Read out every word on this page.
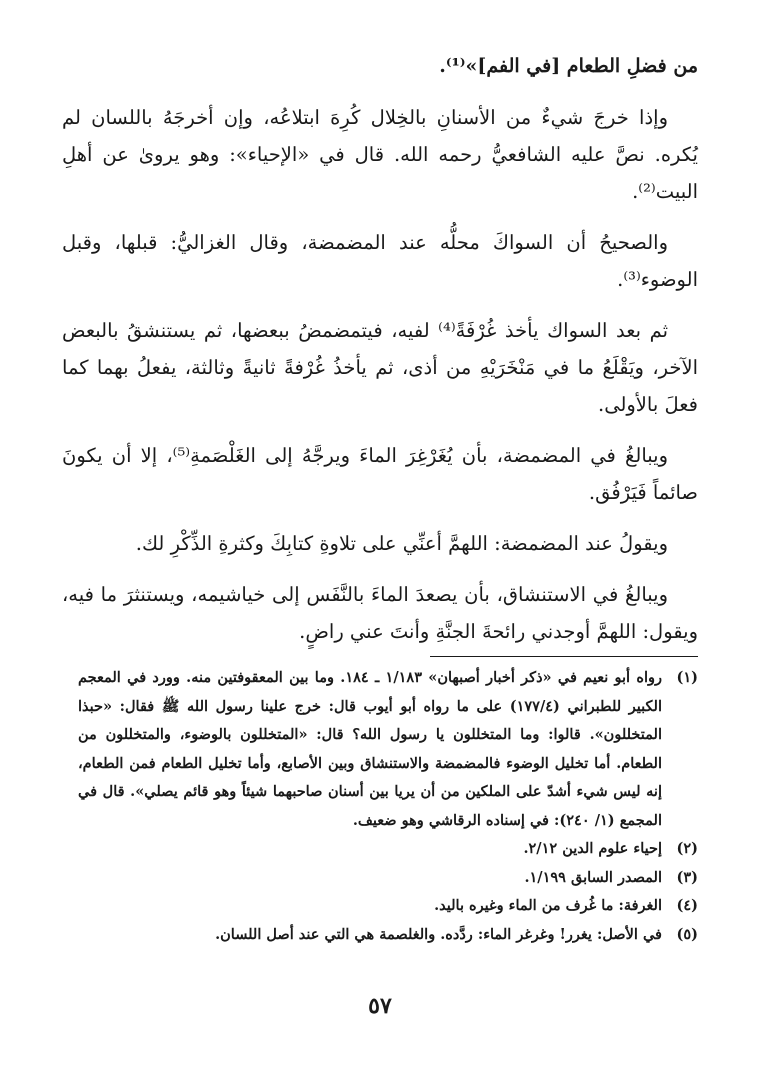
من فضلِ الطعام [في الفم]»⁽¹⁾.

وإذا خرجَ شيءٌ من الأسنانِ بالخِلال كُرِهَ ابتلاعُه، وإن أخرجَهُ باللسان لم يُكره. نصَّ عليه الشافعيُّ رحمه الله. قال في «الإحياء»: وهو يروىٰ عن أهلِ البيت⁽²⁾.

والصحيحُ أن السواكَ محلُّه عند المضمضة، وقال الغزاليُّ: قبلها، وقبل الوضوء⁽³⁾.

ثم بعد السواك يأخذ غُرْفَةً⁽⁴⁾ لفيه، فيتمضمضُ ببعضها، ثم يستنشقُ بالبعض الآخر، ويَقْلَعُ ما في مَنْخَرَيْهِ من أذى، ثم يأخذُ غُرْفةً ثانيةً وثالثة، يفعلُ بهما كما فعلَ بالأولى.

ويبالغُ في المضمضة، بأن يُغَرْغِرَ الماءَ ويرجَّهُ إلى الغَلْصَمةِ⁽⁵⁾، إلا أن يكونَ صائماً فَيَرْفُق.

ويقولُ عند المضمضة: اللهمَّ أعنِّي على تلاوةِ كتابِكَ وكثرةِ الذِّكْرِ لك.

ويبالغُ في الاستنشاق، بأن يصعدَ الماءَ بالنَّفَس إلى خياشيمه، ويستنثرَ ما فيه، ويقول: اللهمَّ أوجدني رائحةَ الجنَّةِ وأنتَ عني راضٍ.

(١)
رواه أبو نعيم في «ذكر أخبار أصبهان» ١/١٨٣ ـ ١٨٤. وما بين المعقوفتين منه. وورد في المعجم الكبير للطبراني (١٧٧/٤) على ما رواه أبو أيوب قال: خرج علينا رسول الله ﷺ فقال: «حبذا المتخللون». قالوا: وما المتخللون يا رسول الله؟ قال: «المتخللون بالوضوء، والمتخللون من الطعام. أما تخليل الوضوء فالمضمضة والاستنشاق وبين الأصابع، وأما تخليل الطعام فمن الطعام، إنه ليس شيء أشدّ على الملكين من أن يريا بين أسنان صاحبهما شيئاً وهو قائم يصلي». قال في المجمع (١/ ٢٤٠): في إسناده الرقاشي وهو ضعيف.
(٢)
إحياء علوم الدين ٢/١٢.
(٣)
المصدر السابق ١/١٩٩.
(٤)
الغرفة: ما غُرف من الماء وغيره باليد.
(٥)
في الأصل: يغرر! وغرغر الماء: ردَّده. والغلصمة هي التي عند أصل اللسان.
٥٧
